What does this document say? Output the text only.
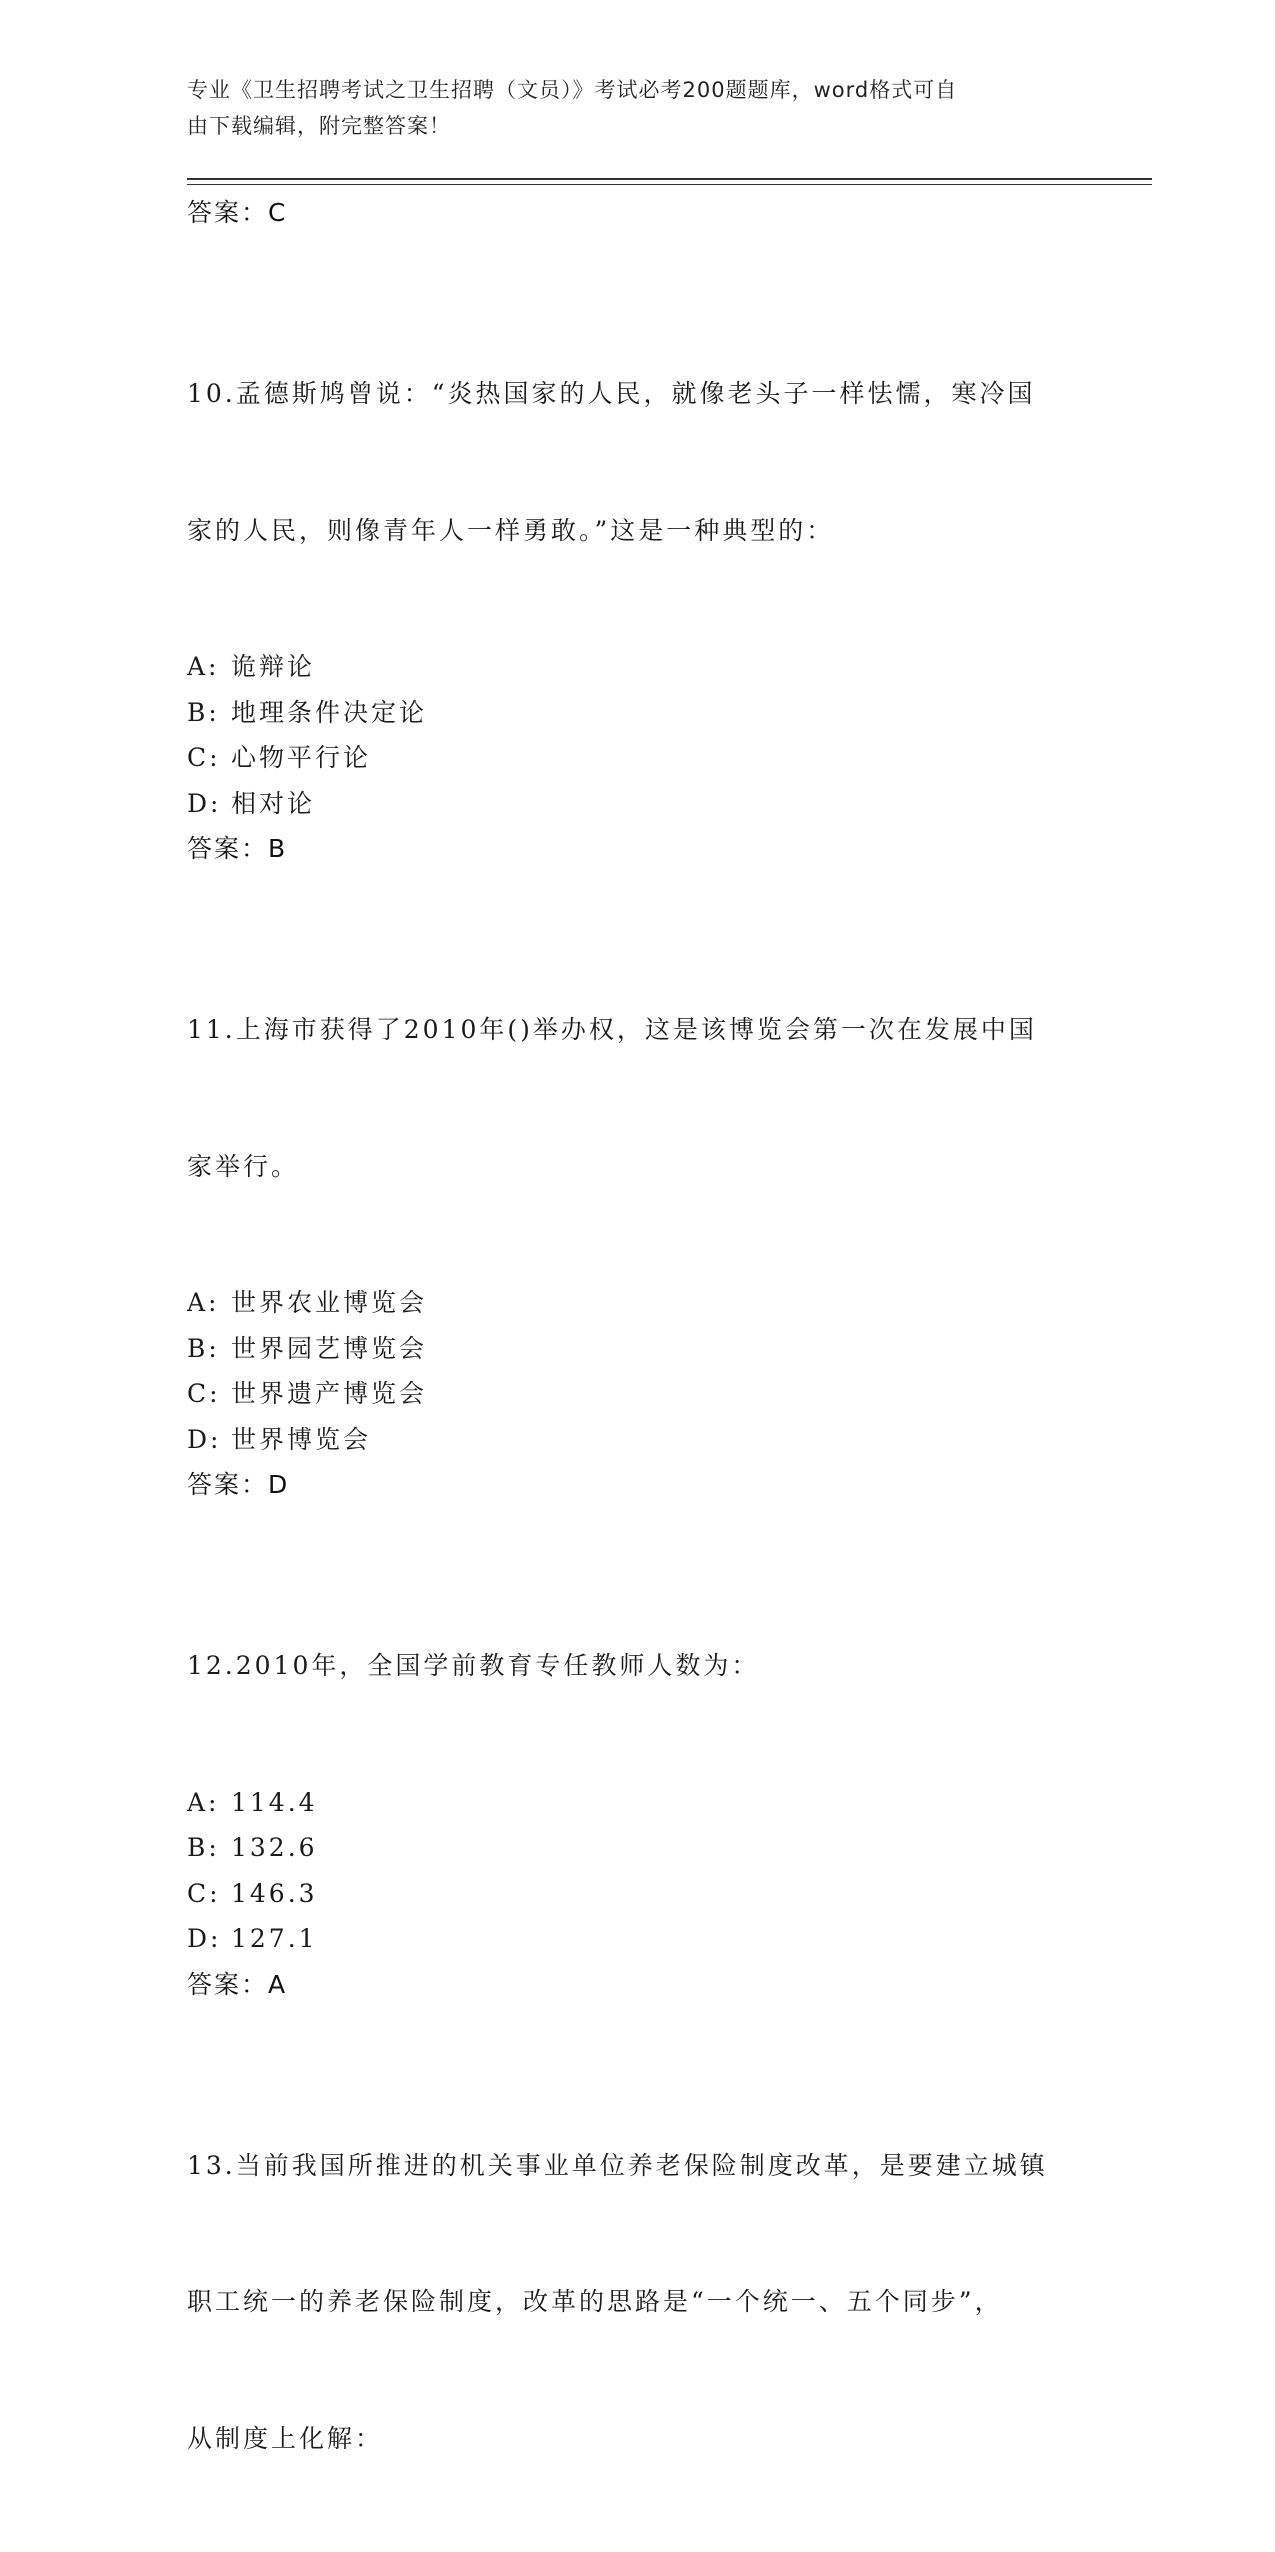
专业《卫生招聘考试之卫生招聘（文员）》考试必考200题题库，word格式可自
由下载编辑，附完整答案！
答案：C

10.孟德斯鸠曾说：“炎热国家的人民，就像老头子一样怯懦，寒冷国

家的人民，则像青年人一样勇敢。”这是一种典型的：

A: 诡辩论
B: 地理条件决定论
C: 心物平行论
D: 相对论
答案：B

11.上海市获得了2010年()举办权，这是该博览会第一次在发展中国

家举行。

A: 世界农业博览会
B: 世界园艺博览会
C: 世界遗产博览会
D: 世界博览会
答案：D

12.2010年，全国学前教育专任教师人数为：

A: 114.4
B: 132.6
C: 146.3
D: 127.1
答案：A

13.当前我国所推进的机关事业单位养老保险制度改革，是要建立城镇

职工统一的养老保险制度，改革的思路是“一个统一、五个同步”，

从制度上化解：
